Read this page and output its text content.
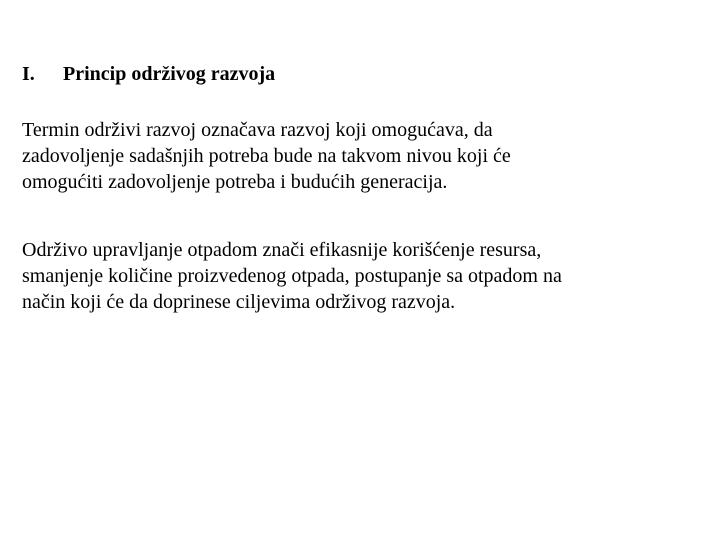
I. Princip održivog razvoja

Termin održivi razvoj označava razvoj koji omogućava, da
zadovoljenje sadašnjih potreba bude na takvom nivou koji će
omogućiti zadovoljenje potreba i budućih generacija.

Održivo upravljanje otpadom znači efikasnije korišćenje resursa,
smanjenje količine proizvedenog otpada, postupanje sa otpadom na
način koji će da doprinese ciljevima održivog razvoja.
